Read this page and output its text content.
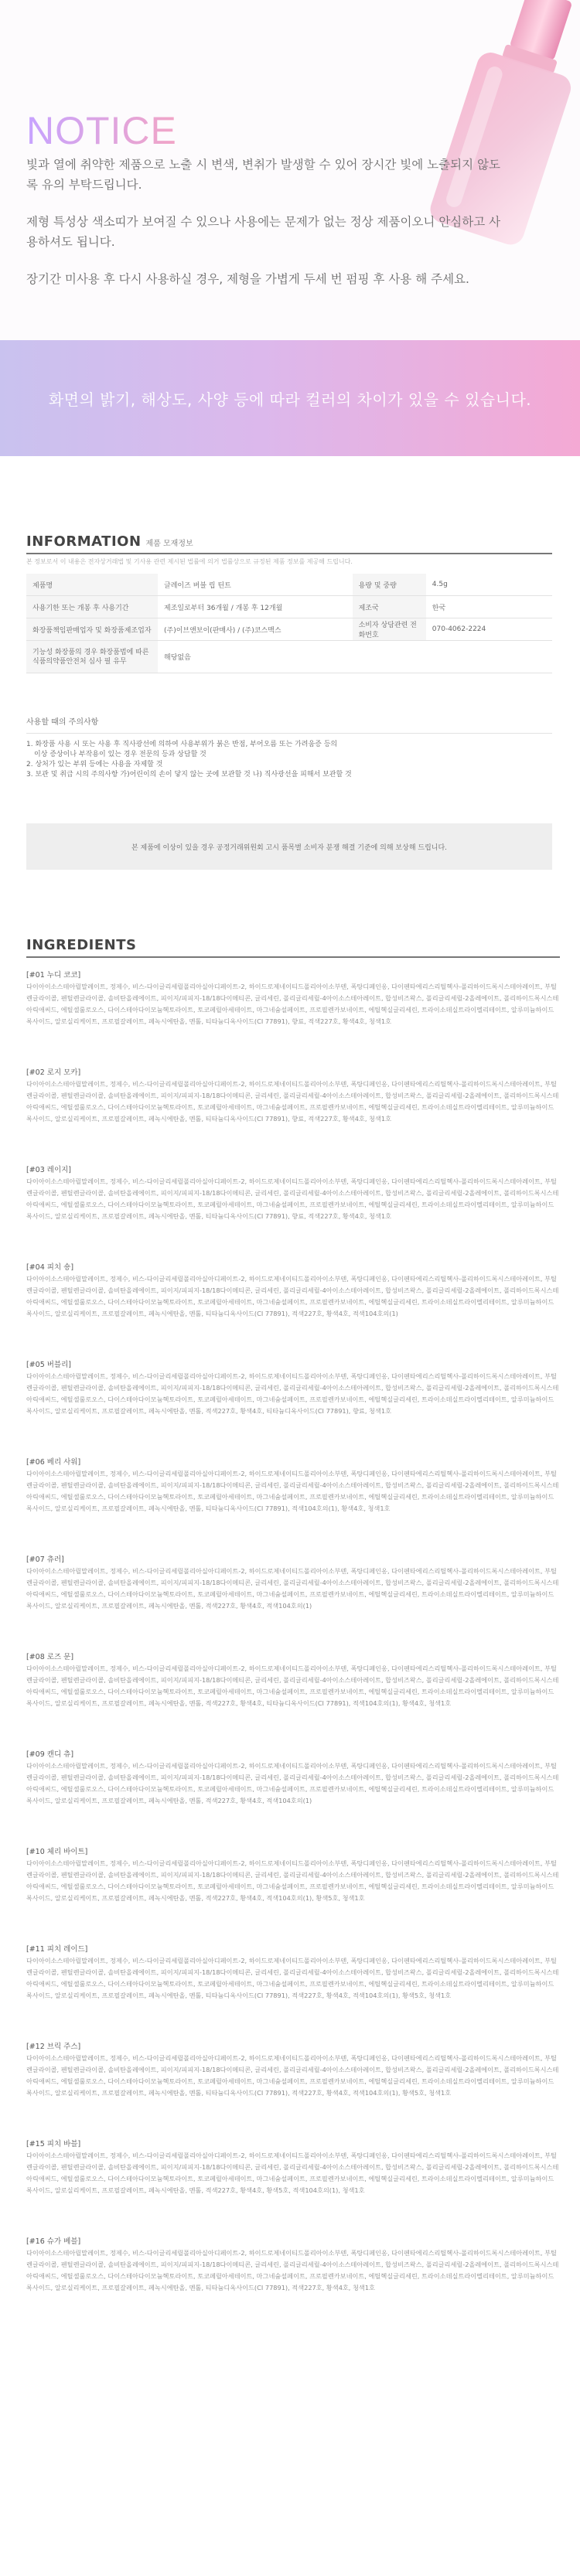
NOTICE

빛과 열에 취약한 제품으로 노출 시 변색, 변취가 발생할 수 있어 장시간 빛에 노출되지 않도록 유의 부탁드립니다.

제형 특성상 색소띠가 보여질 수 있으나 사용에는 문제가 없는 정상 제품이오니 안심하고 사용하셔도 됩니다.

장기간 미사용 후 다시 사용하실 경우, 제형을 가볍게 두세 번 펌핑 후 사용 해 주세요.

화면의 밝기, 해상도, 사양 등에 따라 컬러의 차이가 있을 수 있습니다.
INFORMATION 제품 모재정보
본 정보로서 이 내용은 전자상거래법 및 기사용 관련 제시된 법률에 의거 법률상으로 규정된 제품 정보를 제공해 드립니다.
제품명	글레이즈 버블 립 틴트	용량 및 중량	4.5g
사용기한 또는 개봉 후 사용기간	제조일로부터 36개월 / 개봉 후 12개월	제조국	한국
화장품책임판매업자 및 화장품제조업자	(주)이브앤보이(판매사) / (주)코스맥스	소비자 상담관련 전화번호	070-4062-2224
기능성 화장품의 경우 화장품법에 따른 식품의약품안전처 심사 필 유무	해당없음		
사용할 때의 주의사항
1. 화장품 사용 시 또는 사용 후 직사광선에 의하여 사용부위가 붉은 반점, 부어오름 또는 가려움증 등의
이상 증상이나 부작용이 있는 경우 전문의 등과 상담할 것
2. 상처가 있는 부위 등에는 사용을 자제할 것
3. 보관 및 취급 시의 주의사항 가)어린이의 손이 닿지 않는 곳에 보관할 것 나) 직사광선을 피해서 보관할 것
본 제품에 이상이 있을 경우 공정거래위원회 고시 품목별 소비자 분쟁 해결 기준에 의해 보상해 드립니다.
INGREDIENTS
[#01 누디 코코]
다이아이소스테아릴말레이트, 정제수, 비스-다이글리세릴폴리아실아디페이트-2, 하이드로제네이티드폴리아이소부텐, 폭탕디페인옹, 다이펜타에리스리틸헥사-폴리하이드록시스테아레이트, 부틸렌글라이콜, 펜틸렌글라이콜, 솔비탄올레에이트, 피이지/피피지-18/18다이메티콘, 글리세린, 폴리글리세릴-4아이소스테아레이트, 합성비즈왁스, 폴리글리세릴-2올레에이트, 폴리하이드록시스테아릭애씨드, 에틸셀룰로오스, 다이스테아다이모늄헥토라이트, 토코페릴아세테이트, 마그네슘설페이트, 프로필렌카보네이트, 에틸헥실글리세린, 트라이소데실트라이멜리테이트, 알루미늄하이드록사이드, 알로실리케이트, 프로필갈레이트, 페녹시에탄올, 멘톨, 티타늄디옥사이드(CI 77891), 향료, 적색227호, 황색4호, 청색1호
[#02 로지 모카]
다이아이소스테아릴말레이트, 정제수, 비스-다이글리세릴폴리아실아디페이트-2, 하이드로제네이티드폴리아이소부텐, 폭탕디페인옹, 다이펜타에리스리틸헥사-폴리하이드록시스테아레이트, 부틸렌글라이콜, 펜틸렌글라이콜, 솔비탄올레에이트, 피이지/피피지-18/18다이메티콘, 글리세린, 폴리글리세릴-4아이소스테아레이트, 합성비즈왁스, 폴리글리세릴-2올레에이트, 폴리하이드록시스테아릭애씨드, 에틸셀룰로오스, 다이스테아다이모늄헥토라이트, 토코페릴아세테이트, 마그네슘설페이트, 프로필렌카보네이트, 에틸헥실글리세린, 트라이소데실트라이멜리테이트, 알루미늄하이드록사이드, 알로실리케이트, 프로필갈레이트, 페녹시에탄올, 멘톨, 티타늄디옥사이드(CI 77891), 향료, 적색227호, 황색4호, 청색1호
[#03 레이지]
다이아이소스테아릴말레이트, 정제수, 비스-다이글리세릴폴리아실아디페이트-2, 하이드로제네이티드폴리아이소부텐, 폭탕디페인옹, 다이펜타에리스리틸헥사-폴리하이드록시스테아레이트, 부틸렌글라이콜, 펜틸렌글라이콜, 솔비탄올레에이트, 피이지/피피지-18/18다이메티콘, 글리세린, 폴리글리세릴-4아이소스테아레이트, 합성비즈왁스, 폴리글리세릴-2올레에이트, 폴리하이드록시스테아릭애씨드, 에틸셀룰로오스, 다이스테아다이모늄헥토라이트, 토코페릴아세테이트, 마그네슘설페이트, 프로필렌카보네이트, 에틸헥실글리세린, 트라이소데실트라이멜리테이트, 알루미늄하이드록사이드, 알로실리케이트, 프로필갈레이트, 페녹시에탄올, 멘톨, 티타늄디옥사이드(CI 77891), 향료, 적색227호, 황색4호, 청색1호
[#04 피치 숑]
다이아이소스테아릴말레이트, 정제수, 비스-다이글리세릴폴리아실아디페이트-2, 하이드로제네이티드폴리아이소부텐, 폭탕디페인옹, 다이펜타에리스리틸헥사-폴리하이드록시스테아레이트, 부틸렌글라이콜, 펜틸렌글라이콜, 솔비탄올레에이트, 피이지/피피지-18/18다이메티콘, 글리세린, 폴리글리세릴-4아이소스테아레이트, 합성비즈왁스, 폴리글리세릴-2올레에이트, 폴리하이드록시스테아릭애씨드, 에틸셀룰로오스, 다이스테아다이모늄헥토라이트, 토코페릴아세테이트, 마그네슘설페이트, 프로필렌카보네이트, 에틸헥실글리세린, 트라이소데실트라이멜리테이트, 알루미늄하이드록사이드, 알로실리케이트, 프로필갈레이트, 페녹시에탄올, 멘톨, 티타늄디옥사이드(CI 77891), 적색227호, 황색4호, 적색104호의(1)
[#05 버블리]
다이아이소스테아릴말레이트, 정제수, 비스-다이글리세릴폴리아실아디페이트-2, 하이드로제네이티드폴리아이소부텐, 폭탕디페인옹, 다이펜타에리스리틸헥사-폴리하이드록시스테아레이트, 부틸렌글라이콜, 펜틸렌글라이콜, 솔비탄올레에이트, 피이지/피피지-18/18다이메티콘, 글리세린, 폴리글리세릴-4아이소스테아레이트, 합성비즈왁스, 폴리글리세릴-2올레에이트, 폴리하이드록시스테아릭애씨드, 에틸셀룰로오스, 다이스테아다이모늄헥토라이트, 토코페릴아세테이트, 마그네슘설페이트, 프로필렌카보네이트, 에틸헥실글리세린, 트라이소데실트라이멜리테이트, 알루미늄하이드록사이드, 알로실리케이트, 프로필갈레이트, 페녹시에탄올, 멘톨, 적색227호, 황색4호, 티타늄디옥사이드(CI 77891), 향료, 청색1호
[#06 베리 사워]
다이아이소스테아릴말레이트, 정제수, 비스-다이글리세릴폴리아실아디페이트-2, 하이드로제네이티드폴리아이소부텐, 폭탕디페인옹, 다이펜타에리스리틸헥사-폴리하이드록시스테아레이트, 부틸렌글라이콜, 펜틸렌글라이콜, 솔비탄올레에이트, 피이지/피피지-18/18다이메티콘, 글리세린, 폴리글리세릴-4아이소스테아레이트, 합성비즈왁스, 폴리글리세릴-2올레에이트, 폴리하이드록시스테아릭애씨드, 에틸셀룰로오스, 다이스테아다이모늄헥토라이트, 토코페릴아세테이트, 마그네슘설페이트, 프로필렌카보네이트, 에틸헥실글리세린, 트라이소데실트라이멜리테이트, 알루미늄하이드록사이드, 알로실리케이트, 프로필갈레이트, 페녹시에탄올, 멘톨, 티타늄디옥사이드(CI 77891), 적색104호의(1), 황색4호, 청색1호
[#07 츄러]
다이아이소스테아릴말레이트, 정제수, 비스-다이글리세릴폴리아실아디페이트-2, 하이드로제네이티드폴리아이소부텐, 폭탕디페인옹, 다이펜타에리스리틸헥사-폴리하이드록시스테아레이트, 부틸렌글라이콜, 펜틸렌글라이콜, 솔비탄올레에이트, 피이지/피피지-18/18다이메티콘, 글리세린, 폴리글리세릴-4아이소스테아레이트, 합성비즈왁스, 폴리글리세릴-2올레에이트, 폴리하이드록시스테아릭애씨드, 에틸셀룰로오스, 다이스테아다이모늄헥토라이트, 토코페릴아세테이트, 마그네슘설페이트, 프로필렌카보네이트, 에틸헥실글리세린, 트라이소데실트라이멜리테이트, 알루미늄하이드록사이드, 알로실리케이트, 프로필갈레이트, 페녹시에탄올, 멘톨, 적색227호, 황색4호, 적색104호의(1)
[#08 로즈 문]
다이아이소스테아릴말레이트, 정제수, 비스-다이글리세릴폴리아실아디페이트-2, 하이드로제네이티드폴리아이소부텐, 폭탕디페인옹, 다이펜타에리스리틸헥사-폴리하이드록시스테아레이트, 부틸렌글라이콜, 펜틸렌글라이콜, 솔비탄올레에이트, 피이지/피피지-18/18다이메티콘, 글리세린, 폴리글리세릴-4아이소스테아레이트, 합성비즈왁스, 폴리글리세릴-2올레에이트, 폴리하이드록시스테아릭애씨드, 에틸셀룰로오스, 다이스테아다이모늄헥토라이트, 토코페릴아세테이트, 마그네슘설페이트, 프로필렌카보네이트, 에틸헥실글리세린, 트라이소데실트라이멜리테이트, 알루미늄하이드록사이드, 알로실리케이트, 프로필갈레이트, 페녹시에탄올, 멘톨, 적색227호, 황색4호, 티타늄디옥사이드(CI 77891), 적색104호의(1), 황색4호, 청색1호
[#09 캔디 츄]
다이아이소스테아릴말레이트, 정제수, 비스-다이글리세릴폴리아실아디페이트-2, 하이드로제네이티드폴리아이소부텐, 폭탕디페인옹, 다이펜타에리스리틸헥사-폴리하이드록시스테아레이트, 부틸렌글라이콜, 펜틸렌글라이콜, 솔비탄올레에이트, 피이지/피피지-18/18다이메티콘, 글리세린, 폴리글리세릴-4아이소스테아레이트, 합성비즈왁스, 폴리글리세릴-2올레에이트, 폴리하이드록시스테아릭애씨드, 에틸셀룰로오스, 다이스테아다이모늄헥토라이트, 토코페릴아세테이트, 마그네슘설페이트, 프로필렌카보네이트, 에틸헥실글리세린, 트라이소데실트라이멜리테이트, 알루미늄하이드록사이드, 알로실리케이트, 프로필갈레이트, 페녹시에탄올, 멘톨, 적색227호, 황색4호, 적색104호의(1)
[#10 체리 바이트]
다이아이소스테아릴말레이트, 정제수, 비스-다이글리세릴폴리아실아디페이트-2, 하이드로제네이티드폴리아이소부텐, 폭탕디페인옹, 다이펜타에리스리틸헥사-폴리하이드록시스테아레이트, 부틸렌글라이콜, 펜틸렌글라이콜, 솔비탄올레에이트, 피이지/피피지-18/18다이메티콘, 글리세린, 폴리글리세릴-4아이소스테아레이트, 합성비즈왁스, 폴리글리세릴-2올레에이트, 폴리하이드록시스테아릭애씨드, 에틸셀룰로오스, 다이스테아다이모늄헥토라이트, 토코페릴아세테이트, 마그네슘설페이트, 프로필렌카보네이트, 에틸헥실글리세린, 트라이소데실트라이멜리테이트, 알루미늄하이드록사이드, 알로실리케이트, 프로필갈레이트, 페녹시에탄올, 멘톨, 적색227호, 황색4호, 적색104호의(1), 황색5호, 청색1호
[#11 피치 레이드]
다이아이소스테아릴말레이트, 정제수, 비스-다이글리세릴폴리아실아디페이트-2, 하이드로제네이티드폴리아이소부텐, 폭탕디페인옹, 다이펜타에리스리틸헥사-폴리하이드록시스테아레이트, 부틸렌글라이콜, 펜틸렌글라이콜, 솔비탄올레에이트, 피이지/피피지-18/18다이메티콘, 글리세린, 폴리글리세릴-4아이소스테아레이트, 합성비즈왁스, 폴리글리세릴-2올레에이트, 폴리하이드록시스테아릭애씨드, 에틸셀룰로오스, 다이스테아다이모늄헥토라이트, 토코페릴아세테이트, 마그네슘설페이트, 프로필렌카보네이트, 에틸헥실글리세린, 트라이소데실트라이멜리테이트, 알루미늄하이드록사이드, 알로실리케이트, 프로필갈레이트, 페녹시에탄올, 멘톨, 티타늄디옥사이드(CI 77891), 적색227호, 황색4호, 적색104호의(1), 황색5호, 청색1호
[#12 브릭 주스]
다이아이소스테아릴말레이트, 정제수, 비스-다이글리세릴폴리아실아디페이트-2, 하이드로제네이티드폴리아이소부텐, 폭탕디페인옹, 다이펜타에리스리틸헥사-폴리하이드록시스테아레이트, 부틸렌글라이콜, 펜틸렌글라이콜, 솔비탄올레에이트, 피이지/피피지-18/18다이메티콘, 글리세린, 폴리글리세릴-4아이소스테아레이트, 합성비즈왁스, 폴리글리세릴-2올레에이트, 폴리하이드록시스테아릭애씨드, 에틸셀룰로오스, 다이스테아다이모늄헥토라이트, 토코페릴아세테이트, 마그네슘설페이트, 프로필렌카보네이트, 에틸헥실글리세린, 트라이소데실트라이멜리테이트, 알루미늄하이드록사이드, 알로실리케이트, 프로필갈레이트, 페녹시에탄올, 멘톨, 티타늄디옥사이드(CI 77891), 적색227호, 황색4호, 적색104호의(1), 황색5호, 청색1호
[#15 피치 바블]
다이아이소스테아릴말레이트, 정제수, 비스-다이글리세릴폴리아실아디페이트-2, 하이드로제네이티드폴리아이소부텐, 폭탕디페인옹, 다이펜타에리스리틸헥사-폴리하이드록시스테아레이트, 부틸렌글라이콜, 펜틸렌글라이콜, 솔비탄올레에이트, 피이지/피피지-18/18다이메티콘, 글리세린, 폴리글리세릴-4아이소스테아레이트, 합성비즈왁스, 폴리글리세릴-2올레에이트, 폴리하이드록시스테아릭애씨드, 에틸셀룰로오스, 다이스테아다이모늄헥토라이트, 토코페릴아세테이트, 마그네슘설페이트, 프로필렌카보네이트, 에틸헥실글리세린, 트라이소데실트라이멜리테이트, 알루미늄하이드록사이드, 알로실리케이트, 프로필갈레이트, 페녹시에탄올, 멘톨, 적색227호, 황색4호, 황색5호, 적색104호의(1), 청색1호
[#16 슈가 베블]
다이아이소스테아릴말레이트, 정제수, 비스-다이글리세릴폴리아실아디페이트-2, 하이드로제네이티드폴리아이소부텐, 폭탕디페인옹, 다이펜타에리스리틸헥사-폴리하이드록시스테아레이트, 부틸렌글라이콜, 펜틸렌글라이콜, 솔비탄올레에이트, 피이지/피피지-18/18다이메티콘, 글리세린, 폴리글리세릴-4아이소스테아레이트, 합성비즈왁스, 폴리글리세릴-2올레에이트, 폴리하이드록시스테아릭애씨드, 에틸셀룰로오스, 다이스테아다이모늄헥토라이트, 토코페릴아세테이트, 마그네슘설페이트, 프로필렌카보네이트, 에틸헥실글리세린, 트라이소데실트라이멜리테이트, 알루미늄하이드록사이드, 알로실리케이트, 프로필갈레이트, 페녹시에탄올, 멘톨, 티타늄디옥사이드(CI 77891), 적색227호, 황색4호, 청색1호
